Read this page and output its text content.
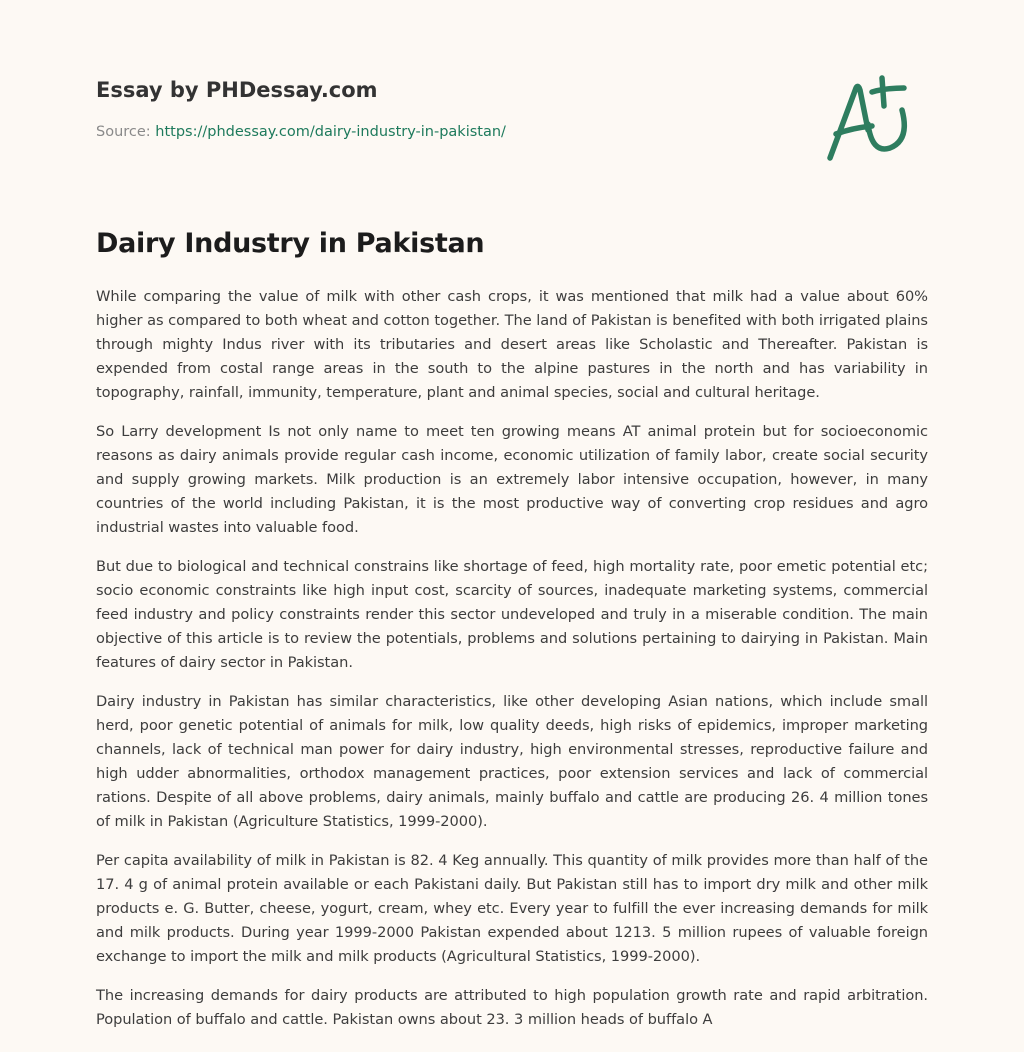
Essay by PHDessay.com
Source: https://phdessay.com/dairy-industry-in-pakistan/
Dairy Industry in Pakistan

While comparing the value of milk with other cash crops, it was mentioned that milk had a value about 60% higher as compared to both wheat and cotton together. The land of Pakistan is benefited with both irrigated plains through mighty Indus river with its tributaries and desert areas like Scholastic and Thereafter. Pakistan is expended from costal range areas in the south to the alpine pastures in the north and has variability in topography, rainfall, immunity, temperature, plant and animal species, social and cultural heritage.

So Larry development Is not only name to meet ten growing means AT animal protein but for socioeconomic reasons as dairy animals provide regular cash income, economic utilization of family labor, create social security and supply growing markets. Milk production is an extremely labor intensive occupation, however, in many countries of the world including Pakistan, it is the most productive way of converting crop residues and agro industrial wastes into valuable food.

But due to biological and technical constrains like shortage of feed, high mortality rate, poor emetic potential etc; socio economic constraints like high input cost, scarcity of sources, inadequate marketing systems, commercial feed industry and policy constraints render this sector undeveloped and truly in a miserable condition. The main objective of this article is to review the potentials, problems and solutions pertaining to dairying in Pakistan. Main features of dairy sector in Pakistan.

Dairy industry in Pakistan has similar characteristics, like other developing Asian nations, which include small herd, poor genetic potential of animals for milk, low quality deeds, high risks of epidemics, improper marketing channels, lack of technical man power for dairy industry, high environmental stresses, reproductive failure and high udder abnormalities, orthodox management practices, poor extension services and lack of commercial rations. Despite of all above problems, dairy animals, mainly buffalo and cattle are producing 26. 4 million tones of milk in Pakistan (Agriculture Statistics, 1999-2000).

Per capita availability of milk in Pakistan is 82. 4 Keg annually. This quantity of milk provides more than half of the 17. 4 g of animal protein available or each Pakistani daily. But Pakistan still has to import dry milk and other milk products e. G. Butter, cheese, yogurt, cream, whey etc. Every year to fulfill the ever increasing demands for milk and milk products. During year 1999-2000 Pakistan expended about 1213. 5 million rupees of valuable foreign exchange to import the milk and milk products (Agricultural Statistics, 1999-2000).

The increasing demands for dairy products are attributed to high population growth rate and rapid arbitration. Population of buffalo and cattle. Pakistan owns about 23. 3 million heads of buffalo A
